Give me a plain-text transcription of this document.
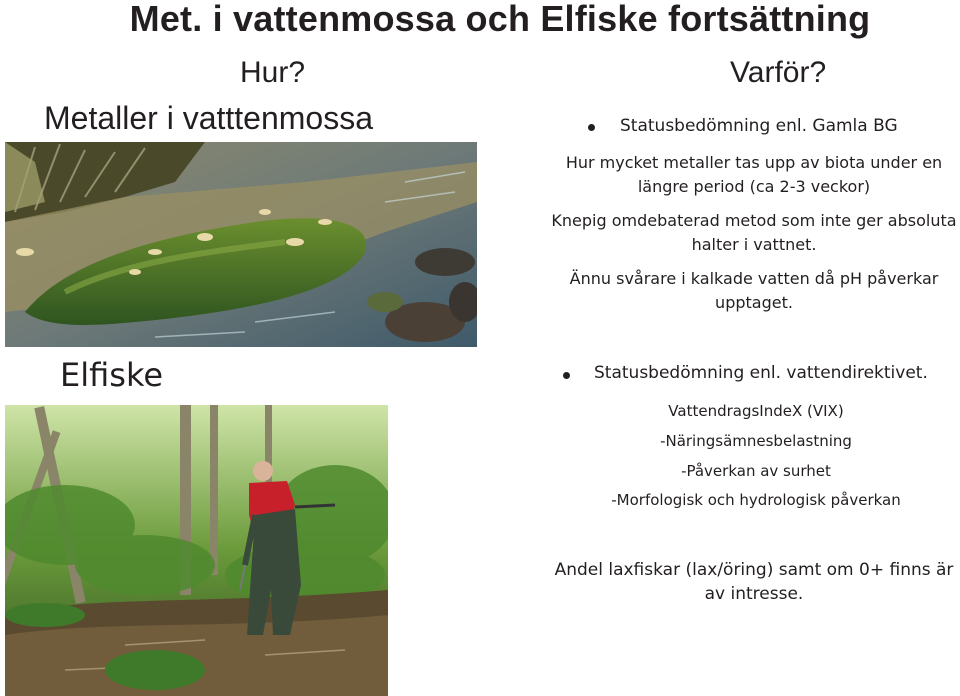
Met. i vattenmossa och Elfiske fortsättning
Hur?	Varför?
Metaller i vatttenmossa
Elfiske
Statusbedömning enl. Gamla BG
Hur mycket metaller tas upp av biota under en längre period (ca 2-3 veckor)
Knepig omdebaterad metod som inte ger absoluta halter i vattnet.
Ännu svårare i kalkade vatten då pH påverkar upptaget.
Statusbedömning enl. vattendirektivet.
VattendragsIndeX (VIX)
-Näringsämnesbelastning
-Påverkan av surhet
-Morfologisk och hydrologisk påverkan
Andel laxfiskar (lax/öring) samt om 0+ finns är av intresse.
